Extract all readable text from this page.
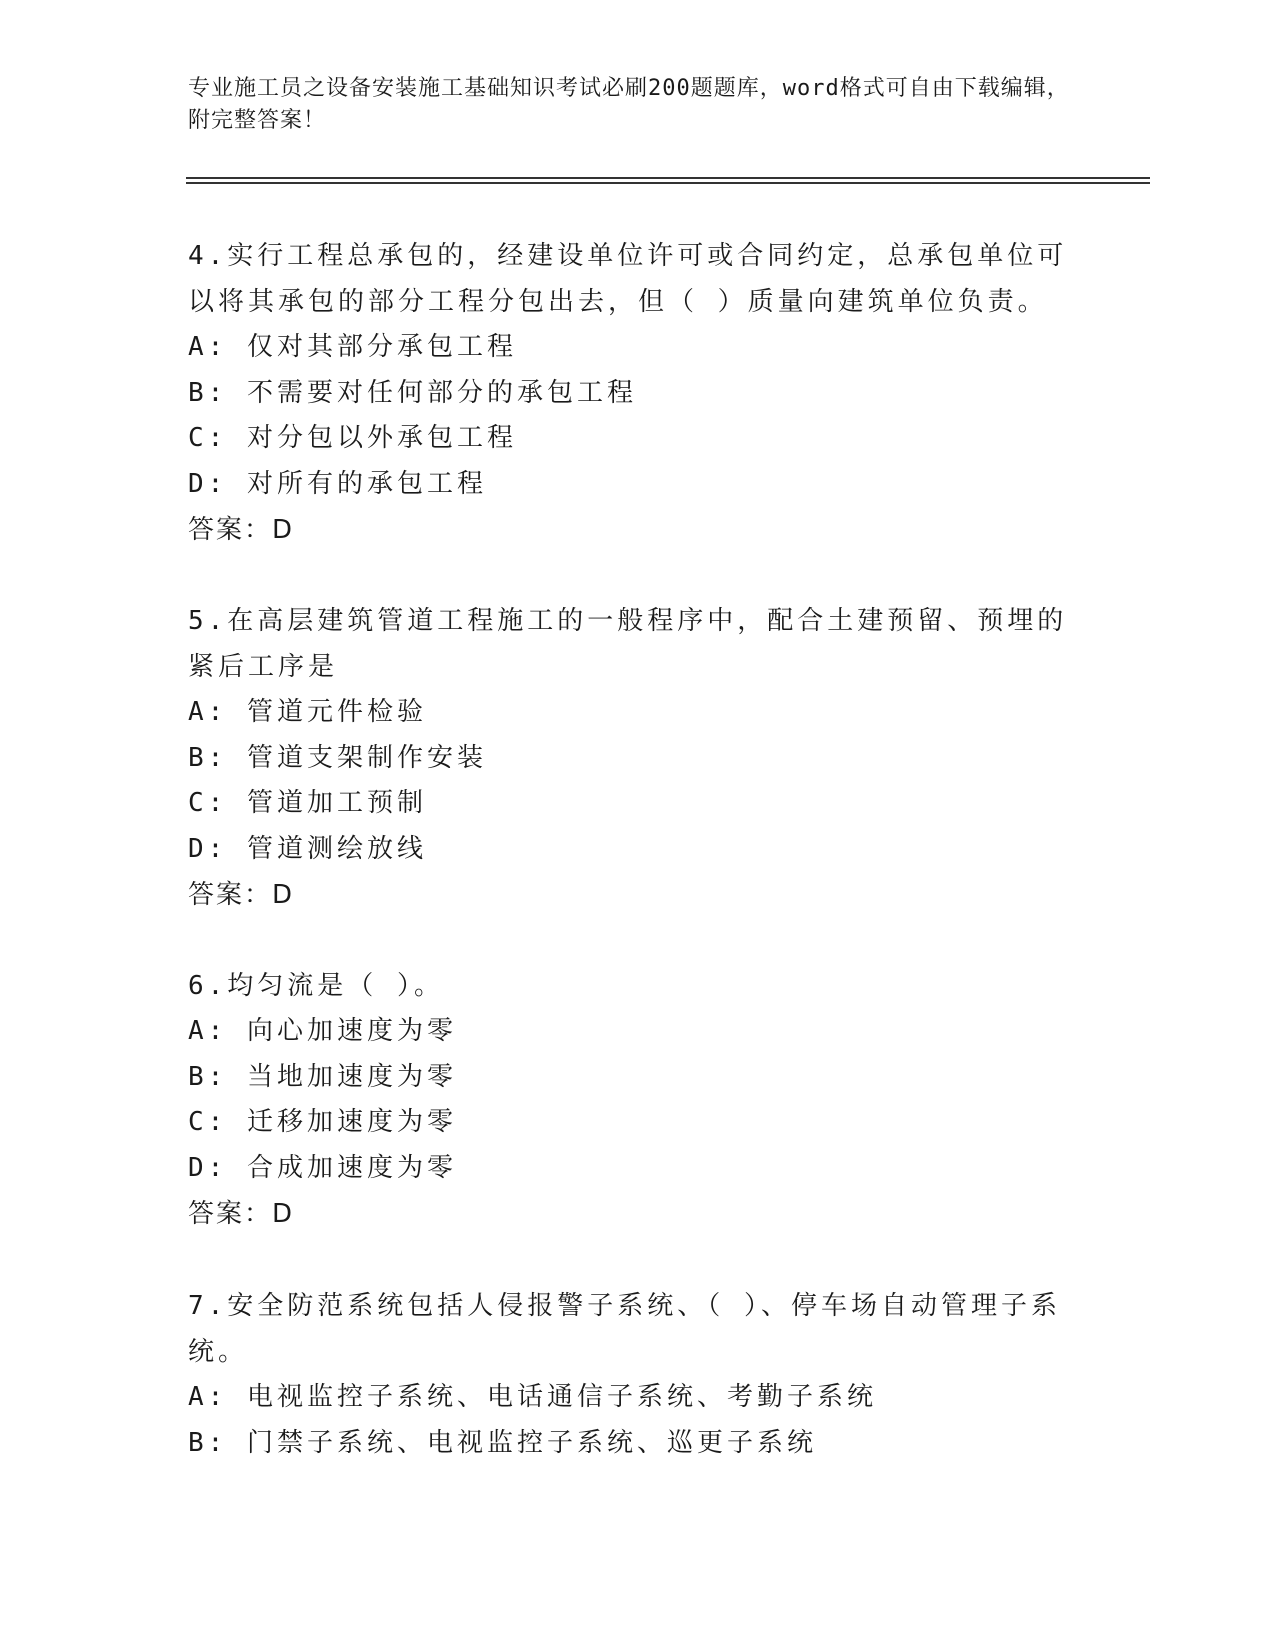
专业施工员之设备安装施工基础知识考试必刷200题题库，word格式可自由下载编辑，附完整答案！
4.实行工程总承包的，经建设单位许可或合同约定，总承包单位可以将其承包的部分工程分包出去，但（ ）质量向建筑单位负责。
A: 仅对其部分承包工程
B: 不需要对任何部分的承包工程
C: 对分包以外承包工程
D: 对所有的承包工程
答案：D
5.在高层建筑管道工程施工的一般程序中，配合土建预留、预埋的紧后工序是
A: 管道元件检验
B: 管道支架制作安装
C: 管道加工预制
D: 管道测绘放线
答案：D
6.均匀流是（ ）。
A: 向心加速度为零
B: 当地加速度为零
C: 迁移加速度为零
D: 合成加速度为零
答案：D
7.安全防范系统包括人侵报警子系统、（ ）、停车场自动管理子系统。
A: 电视监控子系统、电话通信子系统、考勤子系统
B: 门禁子系统、电视监控子系统、巡更子系统
